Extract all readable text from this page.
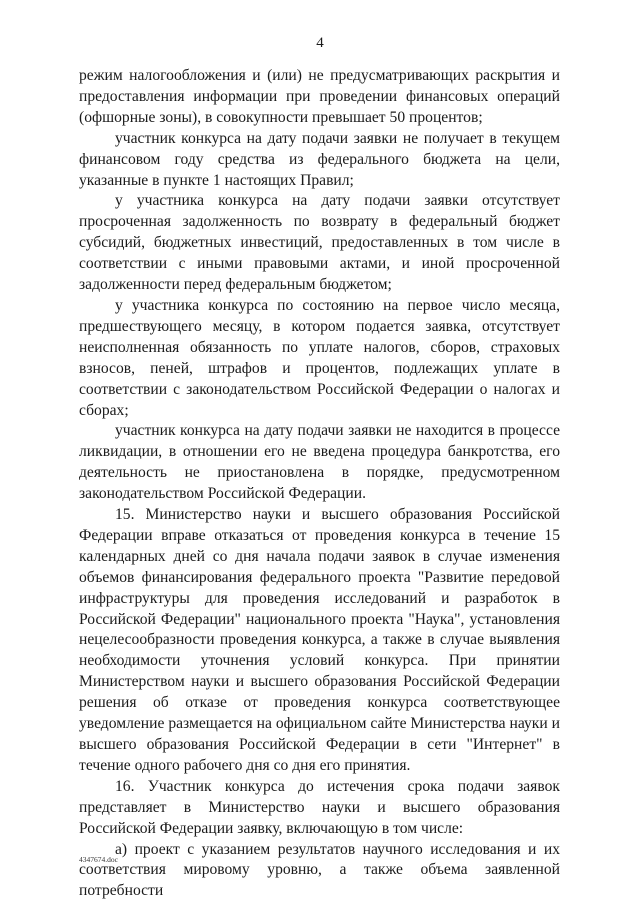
4

режим налогообложения и (или) не предусматривающих раскрытия и предоставления информации при проведении финансовых операций (офшорные зоны), в совокупности превышает 50 процентов;

участник конкурса на дату подачи заявки не получает в текущем финансовом году средства из федерального бюджета на цели, указанные в пункте 1 настоящих Правил;

у участника конкурса на дату подачи заявки отсутствует просроченная задолженность по возврату в федеральный бюджет субсидий, бюджетных инвестиций, предоставленных в том числе в соответствии с иными правовыми актами, и иной просроченной задолженности перед федеральным бюджетом;

у участника конкурса по состоянию на первое число месяца, предшествующего месяцу, в котором подается заявка, отсутствует неисполненная обязанность по уплате налогов, сборов, страховых взносов, пеней, штрафов и процентов, подлежащих уплате в соответствии с законодательством Российской Федерации о налогах и сборах;

участник конкурса на дату подачи заявки не находится в процессе ликвидации, в отношении его не введена процедура банкротства, его деятельность не приостановлена в порядке, предусмотренном законодательством Российской Федерации.

15. Министерство науки и высшего образования Российской Федерации вправе отказаться от проведения конкурса в течение 15 календарных дней со дня начала подачи заявок в случае изменения объемов финансирования федерального проекта "Развитие передовой инфраструктуры для проведения исследований и разработок в Российской Федерации" национального проекта "Наука", установления нецелесообразности проведения конкурса, а также в случае выявления необходимости уточнения условий конкурса. При принятии Министерством науки и высшего образования Российской Федерации решения об отказе от проведения конкурса соответствующее уведомление размещается на официальном сайте Министерства науки и высшего образования Российской Федерации в сети "Интернет" в течение одного рабочего дня со дня его принятия.

16. Участник конкурса до истечения срока подачи заявок представляет в Министерство науки и высшего образования Российской Федерации заявку, включающую в том числе:

а) проект с указанием результатов научного исследования и их соответствия мировому уровню, а также объема заявленной потребности

4347674.doc
